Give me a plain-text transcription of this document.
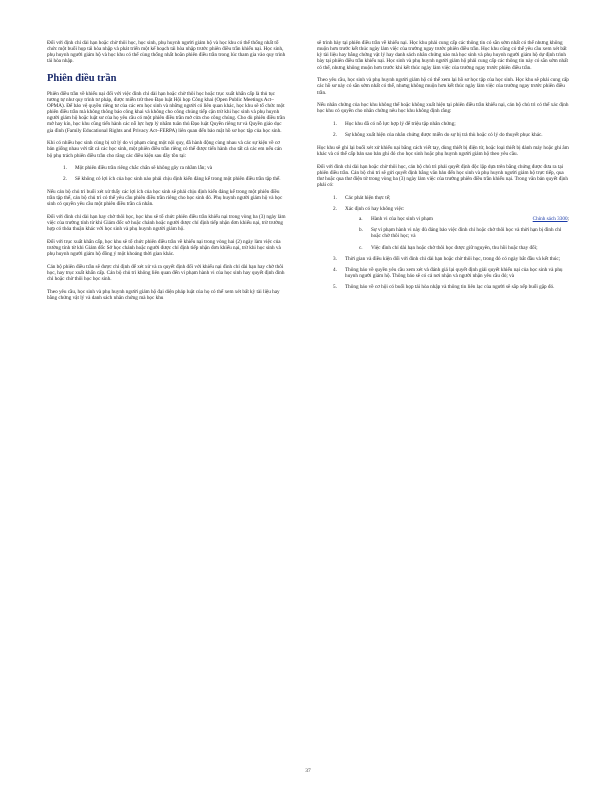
Đối với định chỉ dài hạn hoặc chờ thôi học, học sinh, phụ huynh người giám hộ và học khu có thể thống nhất tổ chức một buổi họp tái hòa nhập và phát triển một kế hoạch tái hòa nhập trước phiên điều trần khiếu nại. Học sinh, phụ huynh người giám hộ và học khu có thể cùng thống nhất hoãn phiên điều trần trong lúc tham gia vào quy trình tái hòa nhập.

Phiên điều trần

Phiên điều trần về khiếu nại đối với việc đình chỉ dài hạn hoặc chờ thôi học hoặc trục xuất khẩn cấp là thủ tục tương tự như quy trình tư pháp, được miễn trừ theo Đạo luật Hội họp Công khai (Open Public Meetings Act–OPMA). Để bảo vệ quyền riêng tư của các em học sinh và những người có liên quan khác, học khu sẽ tổ chức một phiên điều trần mà không thông báo công khai và không cho công chúng tiếp cận trừ khi học sinh và phụ huynh người giám hộ hoặc luật sư của họ yêu cầu có một phiên điều trần mở cửa cho công chúng. Cho dù phiên điều trần mở hay kín, học khu cũng tiến hành các nỗ lực hợp lý nhằm tuân thủ Đạo luật Quyền riêng tư và Quyền giáo dục gia đình (Family Educational Rights and Privacy Act–FERPA) liên quan đến bảo mật hồ sơ học tập của học sinh.

Khi có nhiều học sinh cùng bị xử lý do vi phạm cùng một nội quy, đã hành động cùng nhau và các sự kiện về cơ bản giống nhau với tất cả các học sinh, một phiên điều trần riêng có thể được tiến hành cho tất cả các em nếu cán bộ phụ trách phiên điều trần cho rằng các điều kiện sau đây tồn tại:

1. Một phiên điều trần riêng chắc chắn sẽ không gây ra nhầm lẫn; và
2. Sẽ không có lợi ích của học sinh nào phải chịu định kiến đáng kể trong một phiên điều trần tập thể.

Nếu cán bộ chủ trì buổi xét xử thấy các lợi ích của học sinh sẽ phải chịu định kiến đáng kể trong một phiên điều trần tập thể, cán bộ chủ trì có thể yêu cầu phiên điều trần riêng cho học sinh đó. Phụ huynh người giám hộ và học sinh có quyền yêu cầu một phiên điều trần cá nhân.

Đối với đình chỉ dài hạn hay chờ thôi học, học khu sẽ tổ chức phiên điều trần khiếu nại trong vòng ba (3) ngày làm việc của trường tính từ khi Giám đốc sở hoặc chánh hoặc người được chỉ định tiếp nhận đơn khiếu nại, trừ trường hợp có thỏa thuận khác với học sinh và phụ huynh người giám hộ.

Đối với trục xuất khẩn cấp, học khu sẽ tổ chức phiên điều trần về khiếu nại trong vòng hai (2) ngày làm việc của trường tính từ khi Giám đốc Sở học chánh hoặc người được chỉ định tiếp nhận đơn khiếu nại, trừ khi học sinh và phụ huynh người giám hộ đồng ý một khoảng thời gian khác.

Cán bộ phiên điều trần sẽ được chỉ định để xét xử và ra quyết định đối với khiếu nại đình chỉ dài hạn hay chờ thôi học, hay trục xuất khẩn cấp. Cán bộ chủ trì không liên quan đến vi phạm hành vi của học sinh hay quyết định đình chỉ hoặc chờ thôi học học sinh.

Theo yêu cầu, học sinh và phụ huynh người giám hộ đại diện pháp luật của họ có thể xem xét bất kỳ tài liệu hay bằng chứng vật lý và danh sách nhân chứng mà học khu

sẽ trình bày tại phiên điều trần về khiếu nại. Học khu phải cung cấp các thông tin có sẵn sớm nhất có thể nhưng không muộn hơn trước kết thúc ngày làm việc của trường ngay trước phiên điều trần. Học khu cũng có thể yêu cầu xem xét bất kỳ tài liệu hay bằng chứng vật lý hay danh sách nhân chứng nào mà học sinh và phụ huynh người giám hộ dự định trình bày tại phiên điều trần khiếu nại. Học sinh và phụ huynh người giám hộ phải cung cấp các thông tin này có sẵn sớm nhất có thể, nhưng không muộn hơn trước khi kết thúc ngày làm việc của trường ngay trước phiên điều trần.

Theo yêu cầu, học sinh và phụ huynh người giám hộ có thể xem lại hồ sơ học tập của học sinh. Học khu sẽ phải cung cấp các hồ sơ này có sẵn sớm nhất có thể, nhưng không muộn hơn kết thúc ngày làm việc của trường ngay trước phiên điều trần.

Nếu nhân chứng của học khu không thể hoặc không xuất hiện tại phiên điều trần khiếu nại, cán bộ chủ trì có thể xác định học khu có quyền cho nhân chứng nêu học khu không định rằng:

1. Học khu đã có nỗ lực hợp lý để triệu tập nhân chứng;
2. Sự không xuất hiện của nhân chứng được miễn do sợ bị trả thù hoặc có lý do thuyết phục khác.

Học khu sẽ ghi lại buổi xét xử khiếu nại bằng cách viết tay, dùng thiết bị điện tử, hoặc loại thiết bị dành máy hoặc ghi âm khác và có thể cấp bản sao bản ghi đó cho học sinh hoặc phụ huynh người giám hộ theo yêu cầu.

Đối với đình chỉ dài hạn hoặc chờ thôi học, cán bộ chủ trì phải quyết định độc lập dựa trên bằng chứng được đưa ra tại phiên điều trần. Cán bộ chủ trì sẽ gửi quyết định bằng văn bản đến học sinh và phụ huynh người giám hộ trực tiếp, qua thư hoặc qua thư điện tử trong vòng ba (3) ngày làm việc của trường phiên điều trần khiếu nại. Trong văn bản quyết định phải có:

1. Các phát hiện thực tế;
2. Xác định có hay không việc:
a. Hành vi của học sinh vi phạm	Chính sách 3300;
b. Sự vi phạm hành vi này đủ đáng bảo việc đình chỉ hoặc chờ thôi học và thời hạn bị đình chỉ hoặc chờ thôi học; và
c. Việc đình chỉ dài hạn hoặc chờ thôi học được giữ nguyên, thu hồi hoặc thay đổi;
3. Thời gian và điều kiện đối với đình chỉ dài hạn hoặc chờ thôi học, trong đó có ngày bắt đầu và kết thúc;
4. Thông báo về quyền yêu cầu xem xét và đánh giá lại quyết định giải quyết khiếu nại của học sinh và phụ huynh người giám hộ. Thông báo sẽ có cả nơi nhận và người nhận yêu cầu đó; và
5. Thông báo về cơ hội có buổi họp tái hòa nhập và thông tin liên lạc của người sẽ sắp xếp buổi gặp đó.
37
